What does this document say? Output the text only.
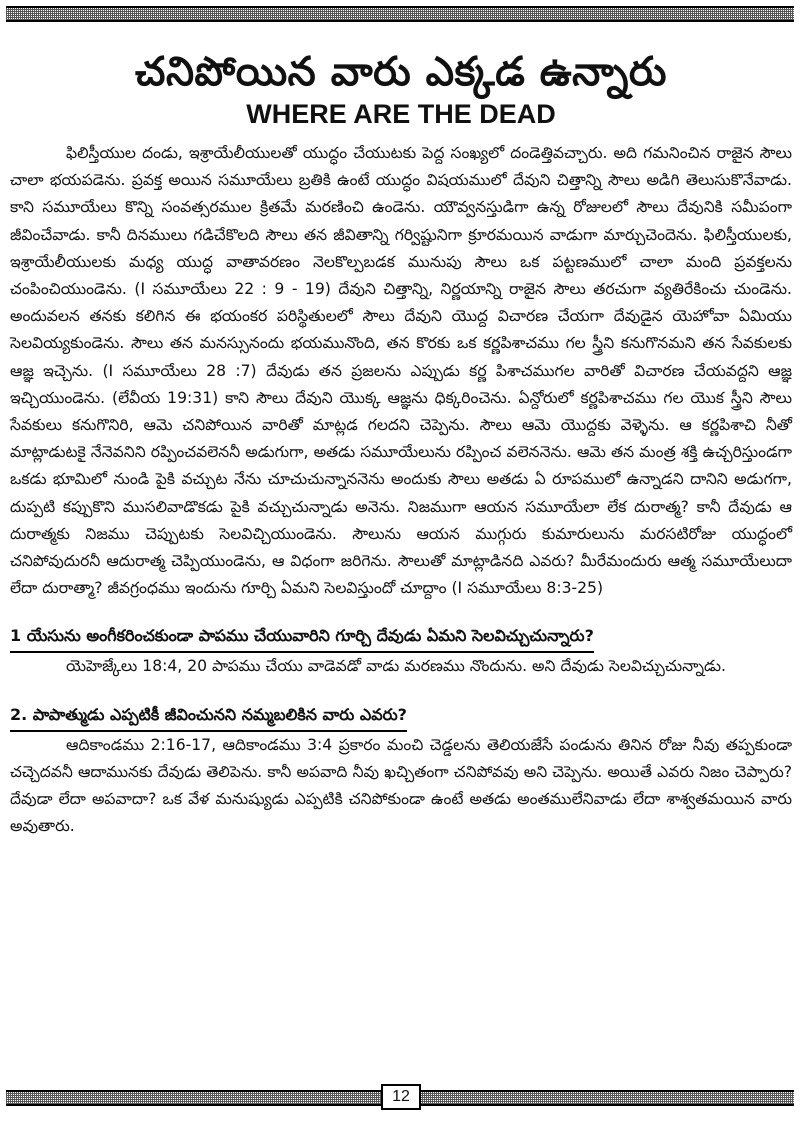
చనిపోయిన వారు ఎక్కడ ఉన్నారు
WHERE ARE THE DEAD

ఫిలిస్తీయుల దండు, ఇశ్రాయేలీయులతో యుద్ధం చేయుటకు పెద్ద సంఖ్యలో దండెత్తివచ్చారు. అది గమనించిన రాజైన సౌలు చాలా భయపడెను. ప్రవక్త అయిన సమూయేలు బ్రతికి ఉంటే యుద్ధం విషయములో దేవుని చిత్తాన్ని సౌలు అడిగి తెలుసుకొనేవాడు. కాని సమూయేలు కొన్ని సంవత్సరముల క్రితమే మరణించి ఉండెను. యౌవ్వనస్తుడిగా ఉన్న రోజులలో సౌలు దేవునికి సమీపంగా జీవించేవాడు. కానీ దినములు గడిచేకొలది సౌలు తన జీవితాన్ని గర్విష్టునిగా క్రూరమయిన వాడుగా మార్చుచెందెను. ఫిలిస్తీయులకు, ఇశ్రాయేలీయులకు మధ్య యుద్ధ వాతావరణం నెలకొల్పబడక మునుపు సౌలు ఒక పట్టణములో చాలా మంది ప్రవక్తలను చంపించియుండెను. (I సమూయేలు 22 : 9 - 19) దేవుని చిత్తాన్ని, నిర్ణయాన్ని రాజైన సౌలు తరచుగా వ్యతిరేకించు చుండెను. అందువలన తనకు కలిగిన ఈ భయంకర పరిస్థితులలో సౌలు దేవుని యొద్ద విచారణ చేయగా దేవుడైన యెహోవా ఏమియు సెలవియ్యకుండెను. సౌలు తన మనస్సునందు భయమునొంది, తన కొరకు ఒక కర్ణపిశాచము గల స్త్రీని కనుగొనమని తన సేవకులకు ఆజ్ఞ ఇచ్చెను. (I సమూయేలు 28 :7) దేవుడు తన ప్రజలను ఎప్పుడు కర్ణ పిశాచముగల వారితో విచారణ చేయవద్దని ఆజ్ఞ ఇచ్చియుండెను. (లేవీయ 19:31) కాని సౌలు దేవుని యొక్క ఆజ్ఞను ధిక్కరించెను. ఏన్దోరులో కర్ణపిశాచము గల యొక స్త్రీని సౌలు సేవకులు కనుగొనిరి, ఆమె చనిపోయిన వారితో మాట్లడ గలదని చెప్పెను. సౌలు ఆమె యొద్దకు వెళ్ళెను. ఆ కర్ణపిశాచి నీతో మాట్లాడుటకై నేనెవనిని రప్పించవలెననీ అడుగుగా, అతడు సమూయేలును రప్పించ వలెననెను. ఆమె తన మంత్ర శక్తి ఉచ్చరిస్తుండగా ఒకడు భూమిలో నుండి పైకి వచ్చుట నేను చూచుచున్నాననెను అందుకు సౌలు అతడు ఏ రూపములో ఉన్నాడని దానిని అడుగగా, దుప్పటి కప్పుకొని ముసలివాడొకడు పైకి వచ్చుచున్నాడు అనెను. నిజముగా ఆయన సమూయేలా లేక దురాత్మ? కానీ దేవుడు ఆ దురాత్మకు నిజము చెప్పుటకు సెలవిచ్చియుండెను. సౌలును ఆయన ముగ్గురు కుమారులును మరసటిరోజు యుద్ధంలో చనిపోవుదురనీ ఆదురాత్మ చెప్పియుండెను, ఆ విధంగా జరిగెను. సౌలుతో మాట్లాడినది ఎవరు? మీరేమందురు ఆత్మ సమూయేలుదా లేదా దురాత్మా? జీవగ్రంధము ఇందును గూర్చి ఏమని సెలవిస్తుందో చూద్దాం (I సమూయేలు 8:3-25)

1 యేసును అంగీకరించకుండా పాపము చేయువారిని గూర్చి దేవుడు ఏమని సెలవిచ్చుచున్నారు?

యెహెజ్కేలు 18:4, 20 పాపము చేయు వాడెవడో వాడు మరణము నొందును. అని దేవుడు సెలవిచ్చుచున్నాడు.

2. పాపాత్ముడు ఎప్పటికీ జీవించునని నమ్మబలికిన వారు ఎవరు?

ఆదికాండము 2:16-17, ఆదికాండము 3:4 ప్రకారం మంచి చెడ్డలను తెలియజేసే పండును తినిన రోజు నీవు తప్పకుండా చచ్చెదవనీ ఆదామునకు దేవుడు తెలిపెను. కానీ అపవాది నీవు ఖచ్చితంగా చనిపోవవు అని చెప్పెను. అయితే ఎవరు నిజం చెప్పారు? దేవుడా లేదా అపవాదా? ఒక వేళ మనుష్యుడు ఎప్పటికి చనిపోకుండా ఉంటే అతడు అంతములేనివాడు లేదా శాశ్వతమయిన వారు అవుతారు.

12
